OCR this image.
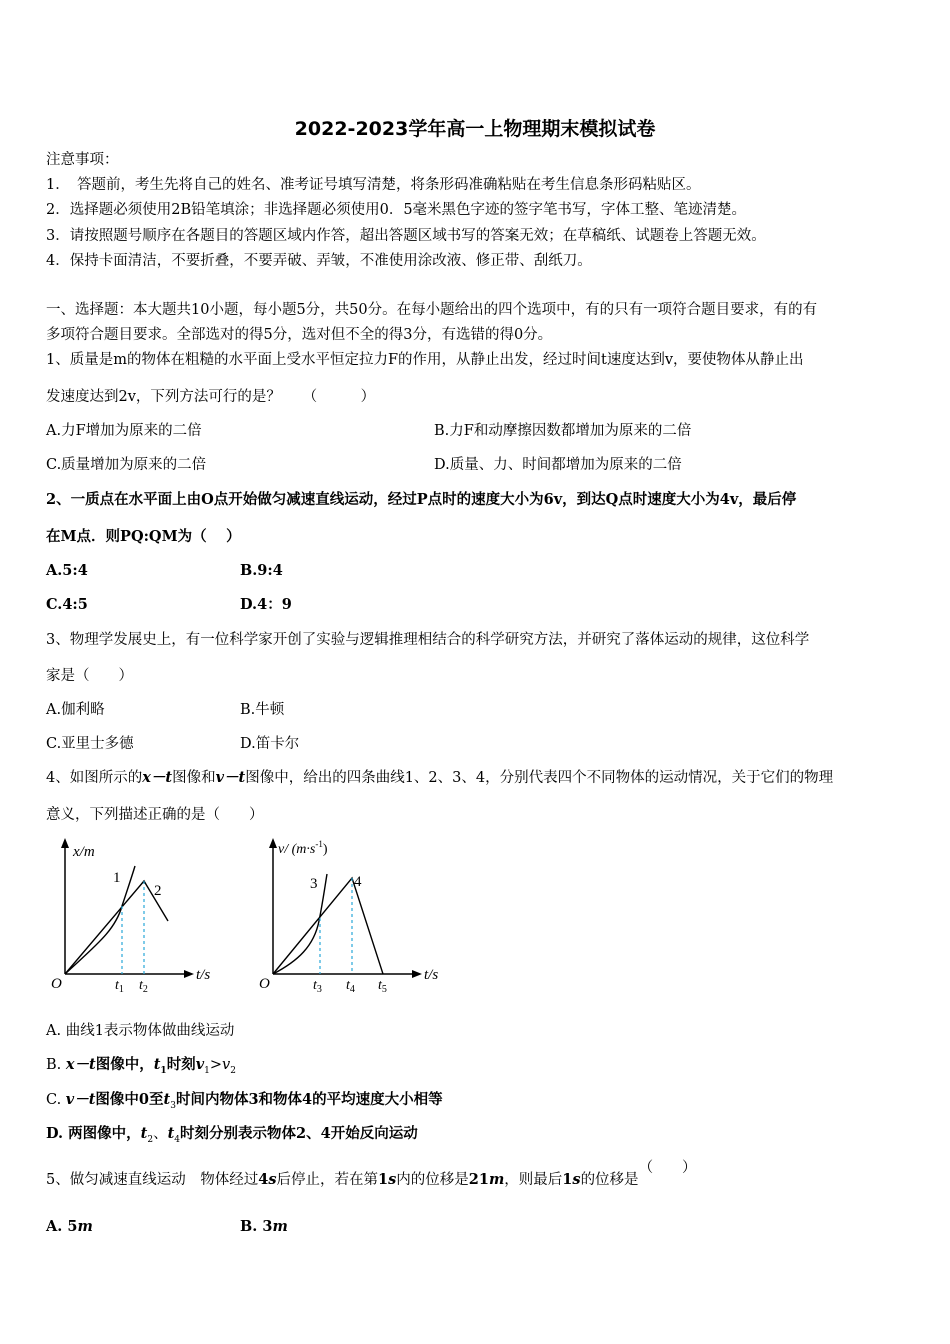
2022-2023学年高一上物理期末模拟试卷
注意事项：
1．　答题前，考生先将自己的姓名、准考证号填写清楚，将条形码准确粘贴在考生信息条形码粘贴区。
2．选择题必须使用2B铅笔填涂；非选择题必须使用0．5毫米黑色字迹的签字笔书写，字体工整、笔迹清楚。
3．请按照题号顺序在各题目的答题区域内作答，超出答题区域书写的答案无效；在草稿纸、试题卷上答题无效。
4．保持卡面清洁，不要折叠，不要弄破、弄皱，不准使用涂改液、修正带、刮纸刀。
一、选择题：本大题共10小题，每小题5分，共50分。在每小题给出的四个选项中，有的只有一项符合题目要求，有的有
多项符合题目要求。全部选对的得5分，选对但不全的得3分，有选错的得0分。
1、质量是m的物体在粗糙的水平面上受水平恒定拉力F的作用，从静止出发，经过时间t速度达到v，要使物体从静止出
发速度达到2v，下列方法可行的是？　　（　　　）
A.力F增加为原来的二倍	B.力F和动摩擦因数都增加为原来的二倍
C.质量增加为原来的二倍	D.质量、力、时间都增加为原来的二倍
2、一质点在水平面上由O点开始做匀减速直线运动，经过P点时的速度大小为6v，到达Q点时速度大小为4v，最后停
在M点．则PQ:QM为（　 ）
A.5:4	B.9:4
C.4:5	D.4：9
3、物理学发展史上，有一位科学家开创了实验与逻辑推理相结合的科学研究方法，并研究了落体运动的规律，这位科学
家是（　　）
A.伽利略	B.牛顿
C.亚里士多德	D.笛卡尔
4、如图所示的x－t图像和v－t图像中，给出的四条曲线1、2、3、4，分别代表四个不同物体的运动情况，关于它们的物理
意义，下列描述正确的是（　　）
x/m
t/s
O
1
2
$t_1$ $t_2$
v/ $(m\cdot s^{-1})$
t/s
O
3 4
$t_3$ $t_4$ $t_5$
A. 曲线1表示物体做曲线运动
B. x－t图像中，$t_1$时刻$v_1>v_2$
C. v－t图像中0至$t_3$时间内物体3和物体4的平均速度大小相等
D. 两图像中，$t_2$、$t_4$时刻分别表示物体2、4开始反向运动
5、做匀减速直线运动　物体经过4s后停止，若在第1s内的位移是21m，则最后1s的位移是（　　）
A. 5m	B. 3m
